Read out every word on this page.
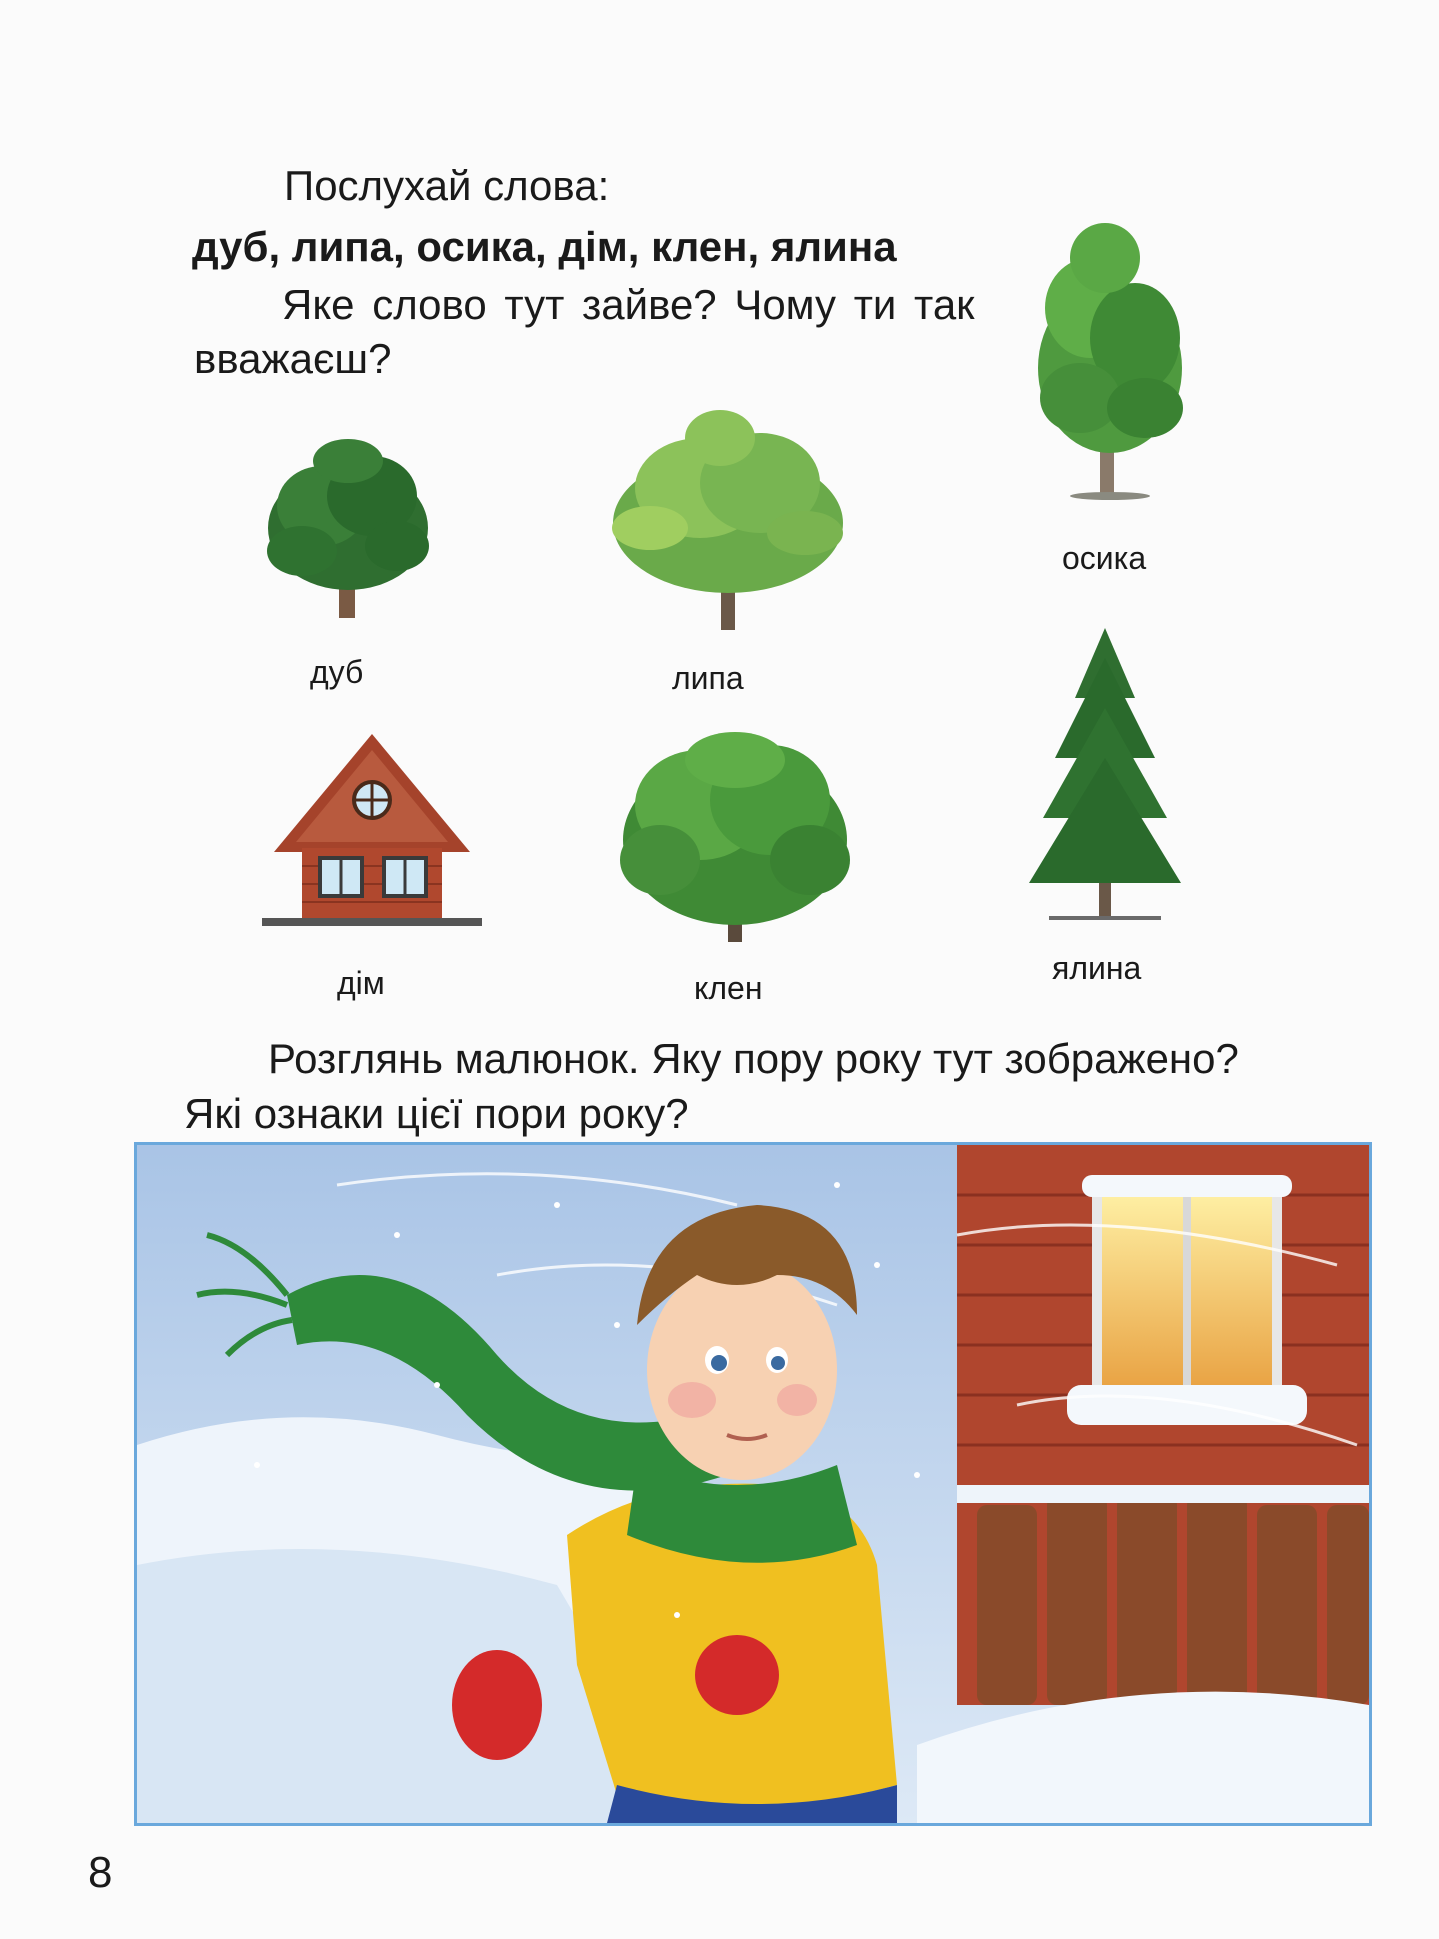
Послухай слова:
дуб, липа, осика, дім, клен, ялина
Яке слово тут зайве? Чому ти так
вважаєш?
осика
дуб	липа
дім	клен
ялина
Розглянь малюнок. Яку пору року тут зображено?
Які ознаки цієї пори року?
8
